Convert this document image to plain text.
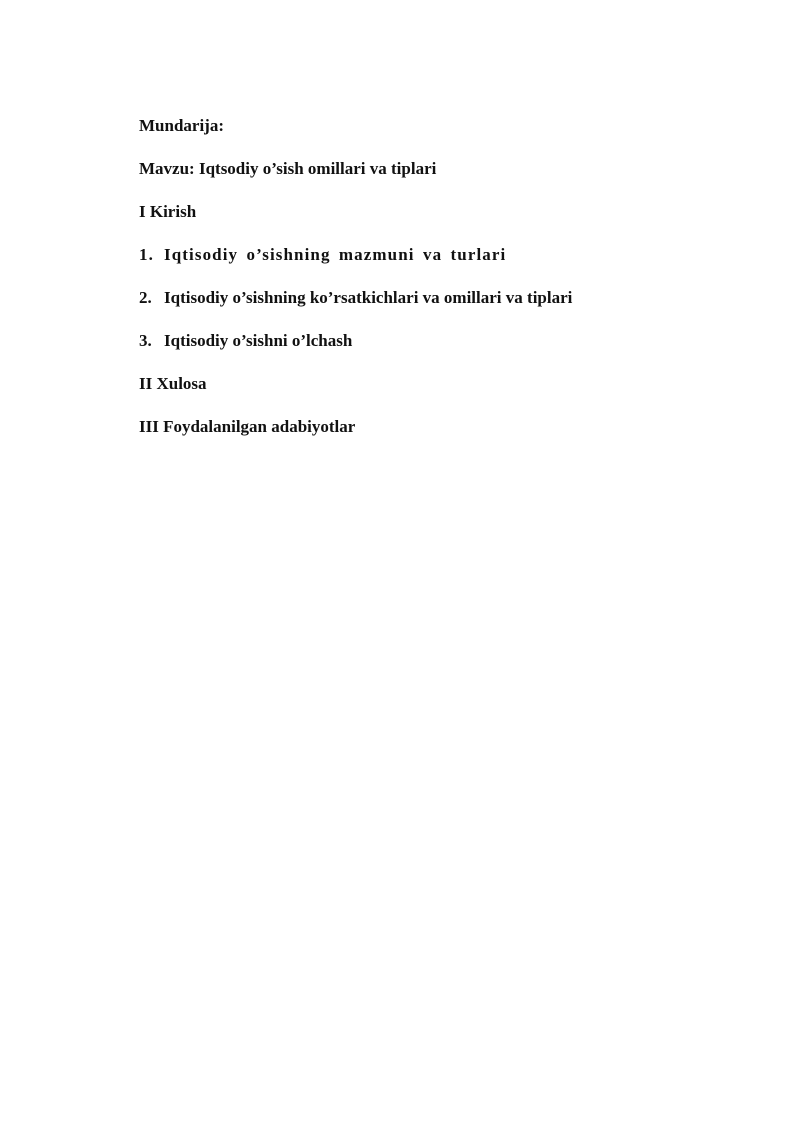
Mundarija:
Mavzu: Iqtsodiy o’sish omillari va tiplari
I Kirish
1. Iqtisodiy o’sishning mazmuni va turlari
2. Iqtisodiy o’sishning ko’rsatkichlari va omillari va tiplari
3. Iqtisodiy o’sishni o’lchash
II Xulosa
III Foydalanilgan adabiyotlar
